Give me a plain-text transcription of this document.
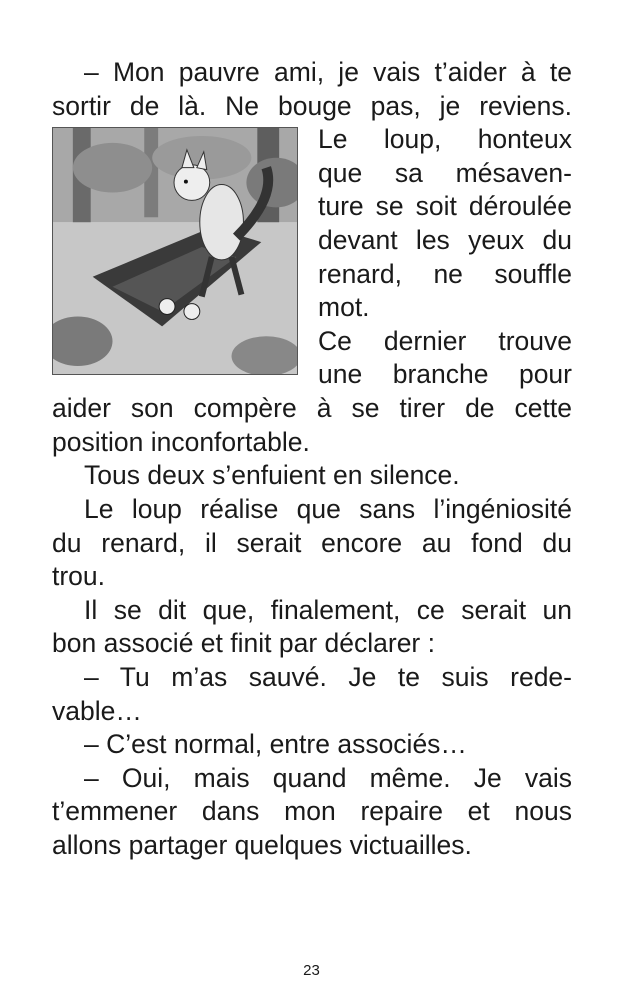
– Mon pauvre ami, je vais t’aider à te
sortir de là. Ne bouge pas, je reviens.
Le loup, honteux
que sa mésaven-
ture se soit déroulée
devant les yeux du
renard, ne souffle
mot.
Ce dernier trouve
une branche pour
aider son compère à se tirer de cette
position inconfortable.
Tous deux s’enfuient en silence.
Le loup réalise que sans l’ingéniosité
du renard, il serait encore au fond du
trou.
Il se dit que, finalement, ce serait un
bon associé et finit par déclarer :
– Tu m’as sauvé. Je te suis rede-
vable…
– C’est normal, entre associés…
– Oui, mais quand même. Je vais
t’emmener dans mon repaire et nous
allons partager quelques victuailles.
23
